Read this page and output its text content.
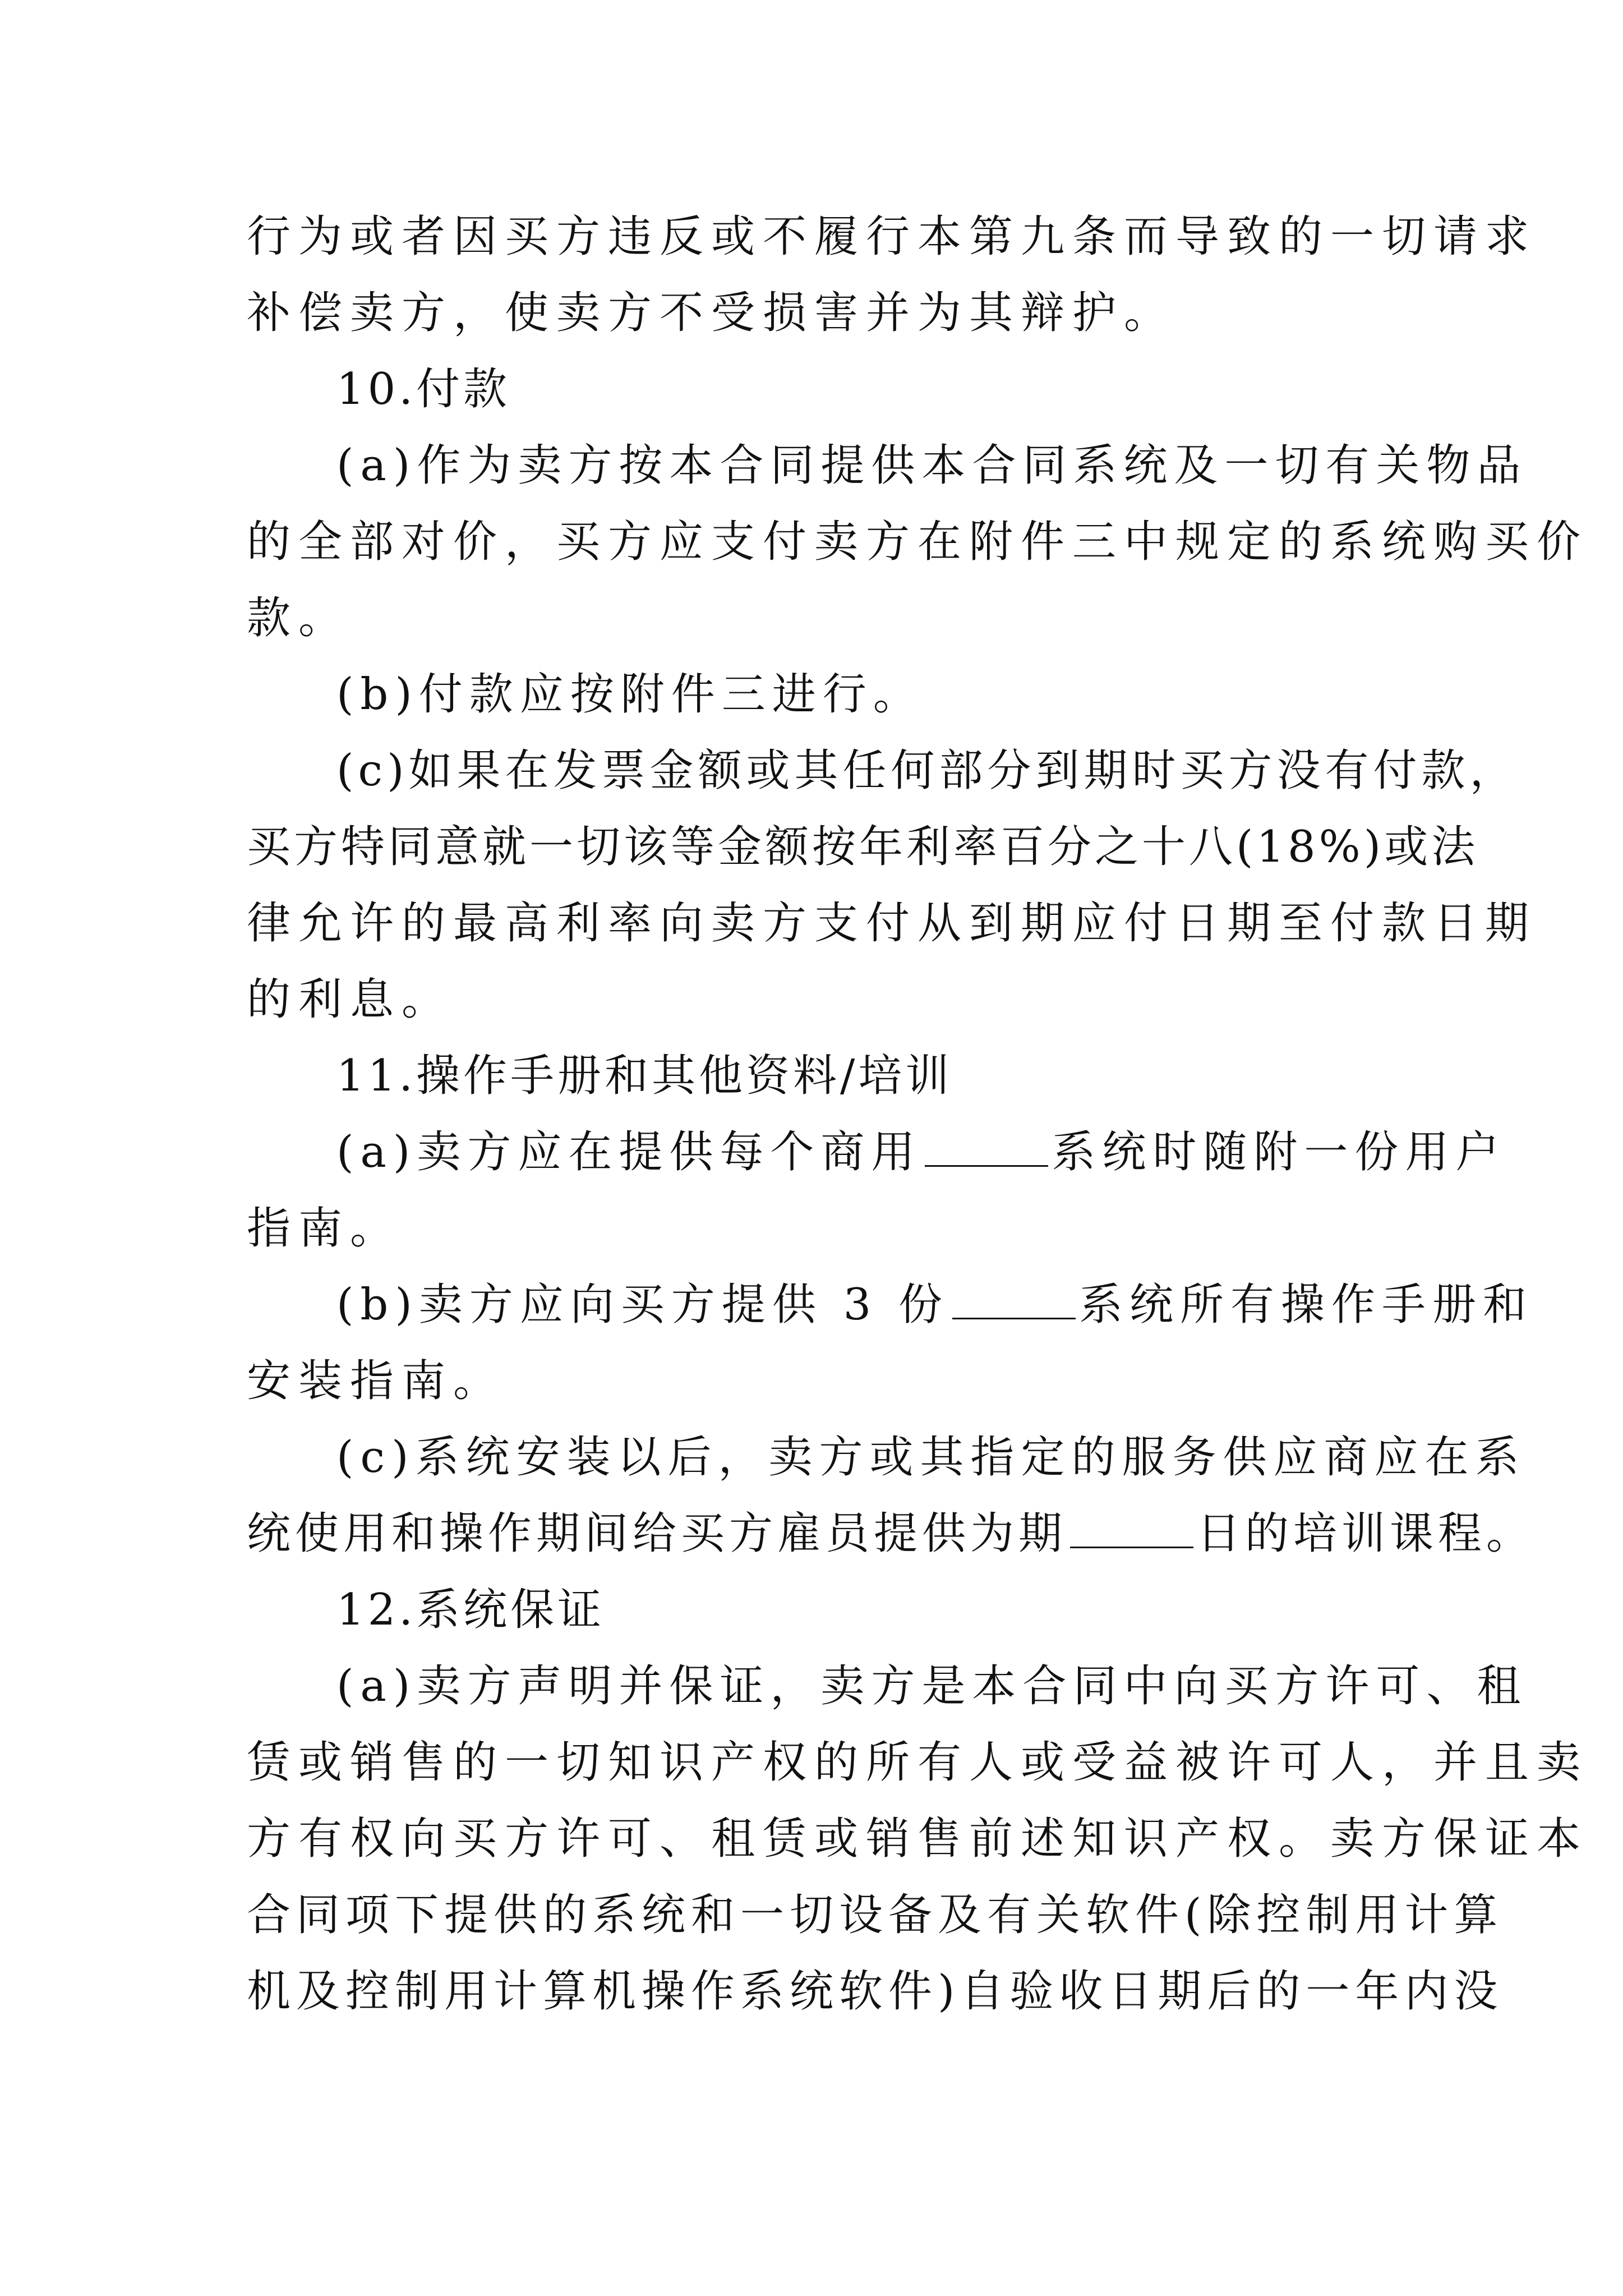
行为或者因买方违反或不履行本第九条而导致的一切请求

补偿卖方，使卖方不受损害并为其辩护。

10.付款

(a)作为卖方按本合同提供本合同系统及一切有关物品

的全部对价，买方应支付卖方在附件三中规定的系统购买价

款。

(b)付款应按附件三进行。

(c)如果在发票金额或其任何部分到期时买方没有付款，

买方特同意就一切该等金额按年利率百分之十八(18%)或法

律允许的最高利率向卖方支付从到期应付日期至付款日期

的利息。

11.操作手册和其他资料/培训

(a)卖方应在提供每个商用	系统时随附一份用户

指南。

(b)卖方应向买方提供 3 份	系统所有操作手册和

安装指南。

(c)系统安装以后，卖方或其指定的服务供应商应在系

统使用和操作期间给买方雇员提供为期	日的培训课程。

12.系统保证

(a)卖方声明并保证，卖方是本合同中向买方许可、租

赁或销售的一切知识产权的所有人或受益被许可人，并且卖

方有权向买方许可、租赁或销售前述知识产权。卖方保证本

合同项下提供的系统和一切设备及有关软件(除控制用计算

机及控制用计算机操作系统软件)自验收日期后的一年内没
